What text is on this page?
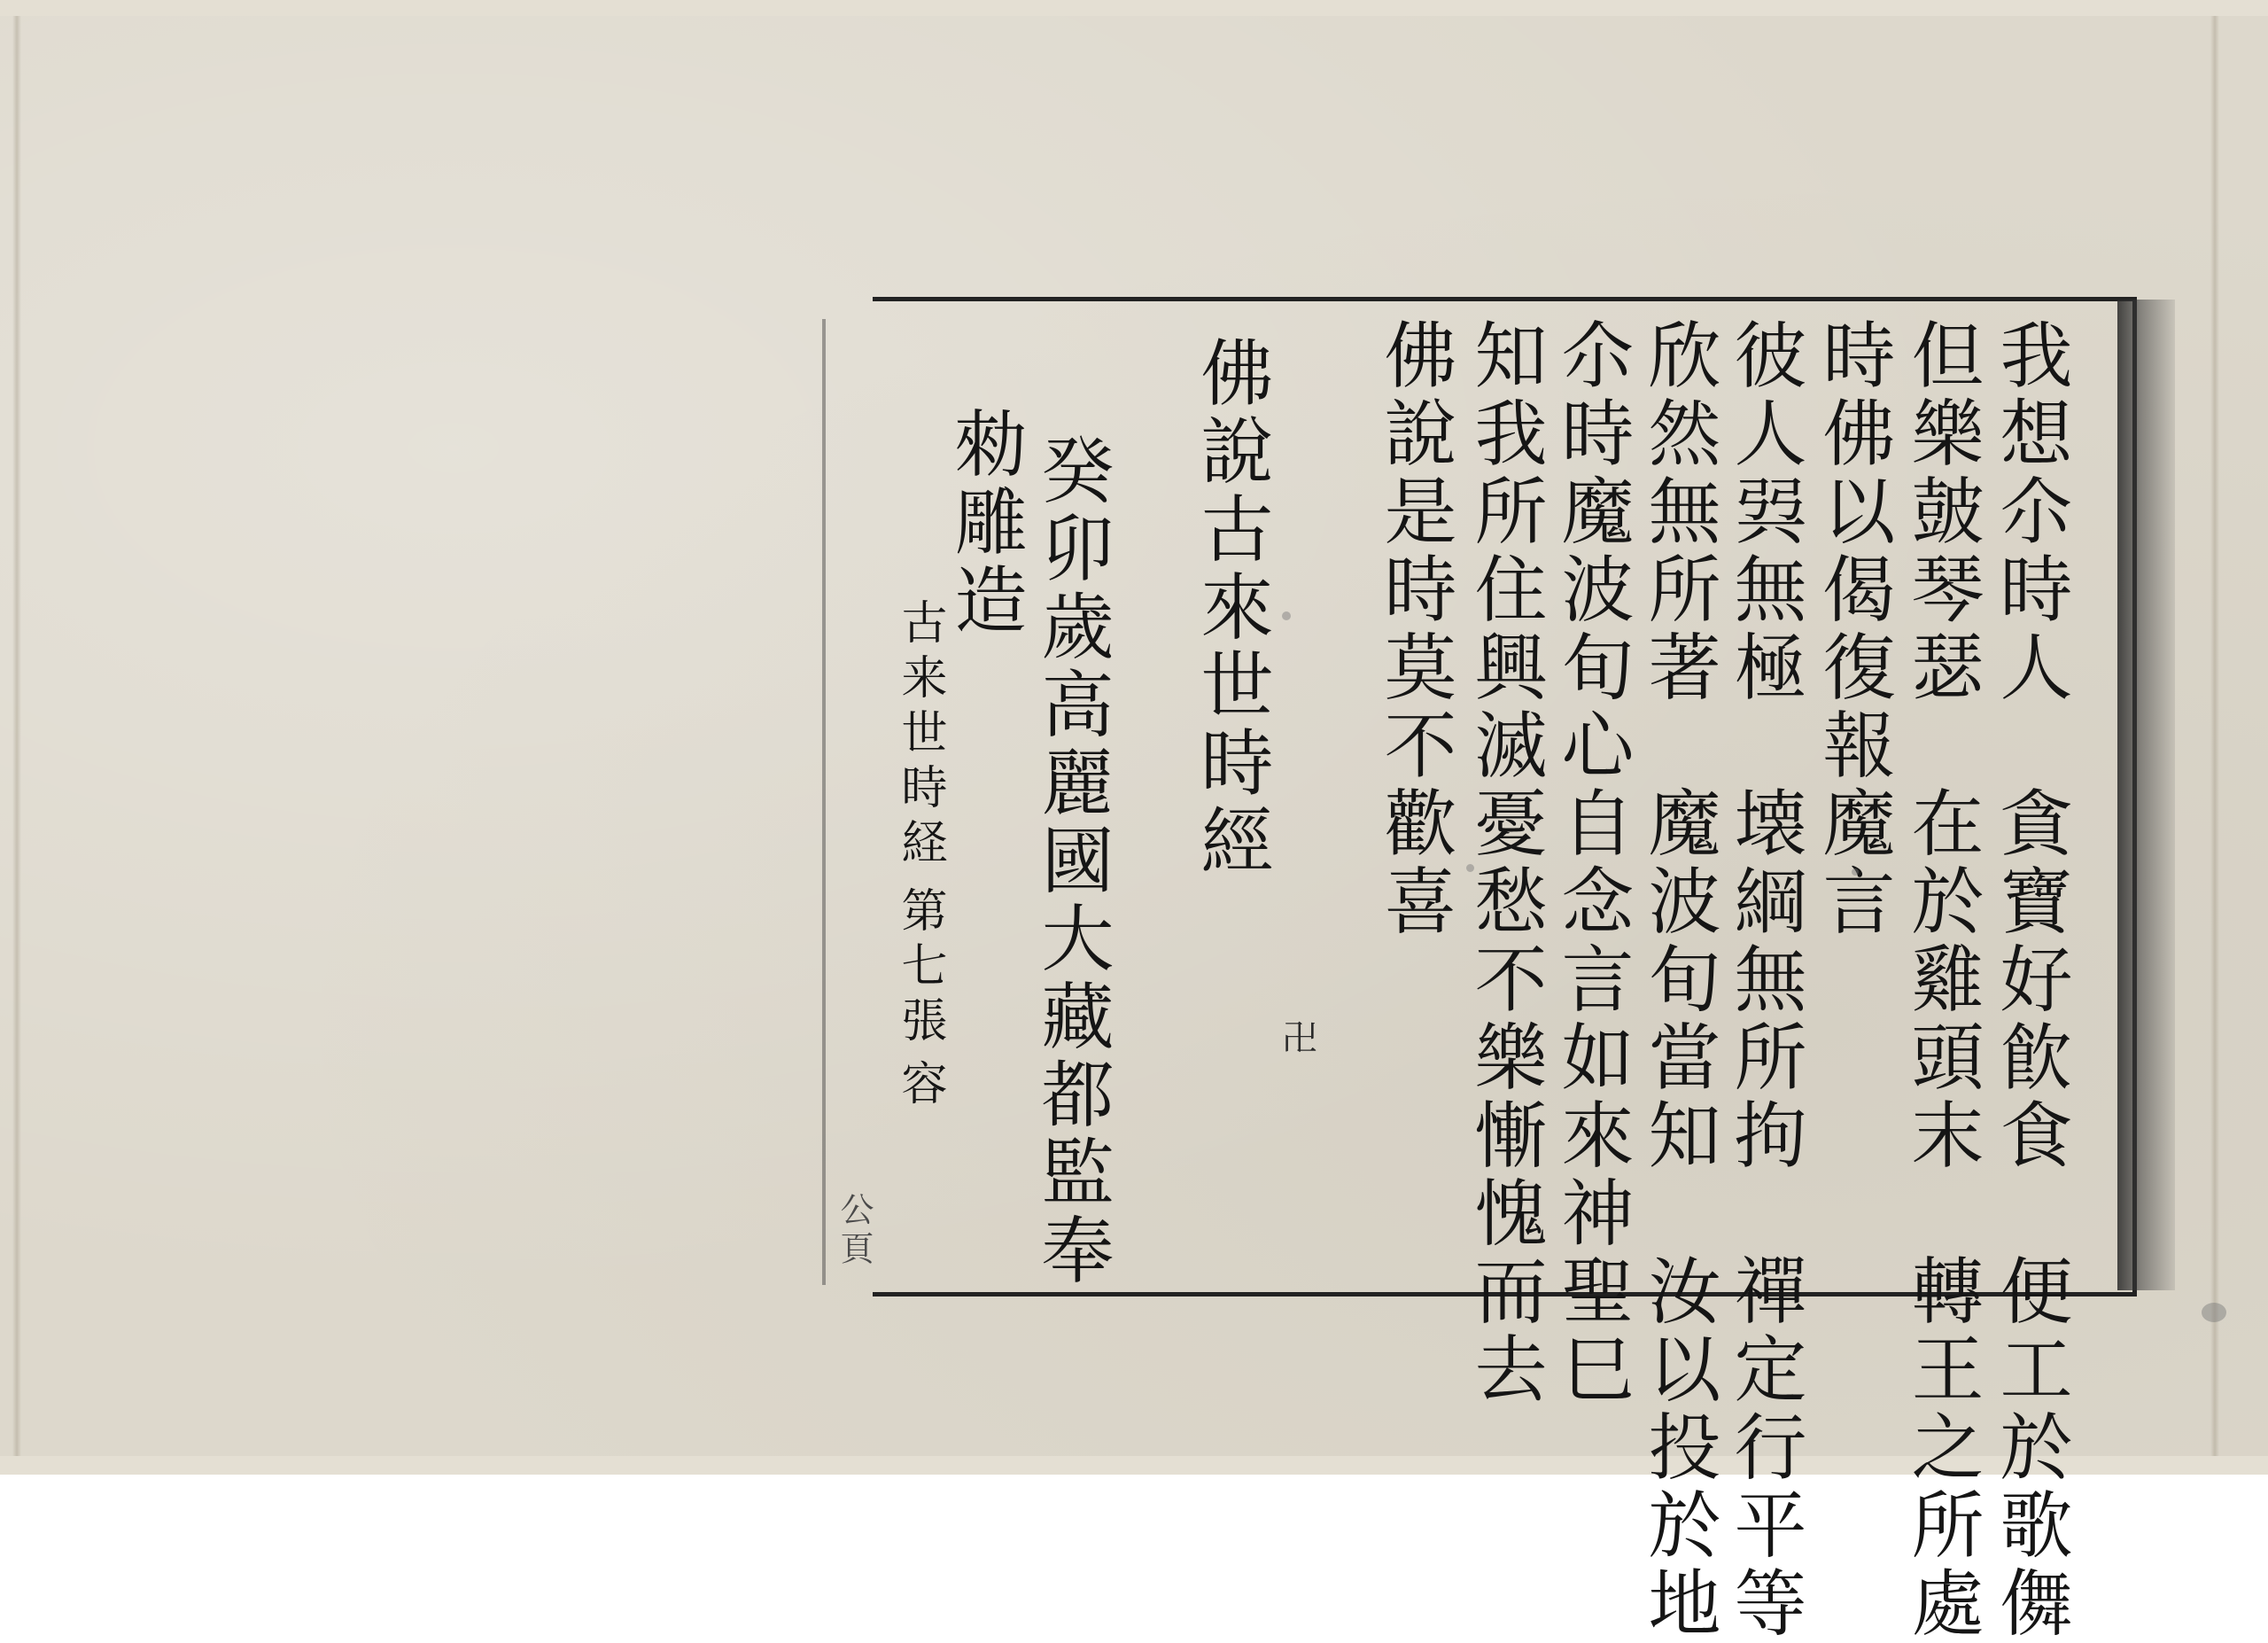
我想尒時人　貪寶好飮食　便工於歌儛
但樂皷琴瑟　在於雞頭末　轉王之所處
時佛以偈復報魔言
彼人㢲無極　壊綱無所拘　禪定行平等
欣然無所著　魔波旬當知　汝以投於地
尒時魔波旬心自念言如來神聖巳
知我所住興滅憂愁不樂慚愧而去
佛說是時莫不歡喜
佛說古來世時經
癸卯歲高麗國大藏都監奉
勑雕造
古来世時経
第七張
容
卍
公頁
